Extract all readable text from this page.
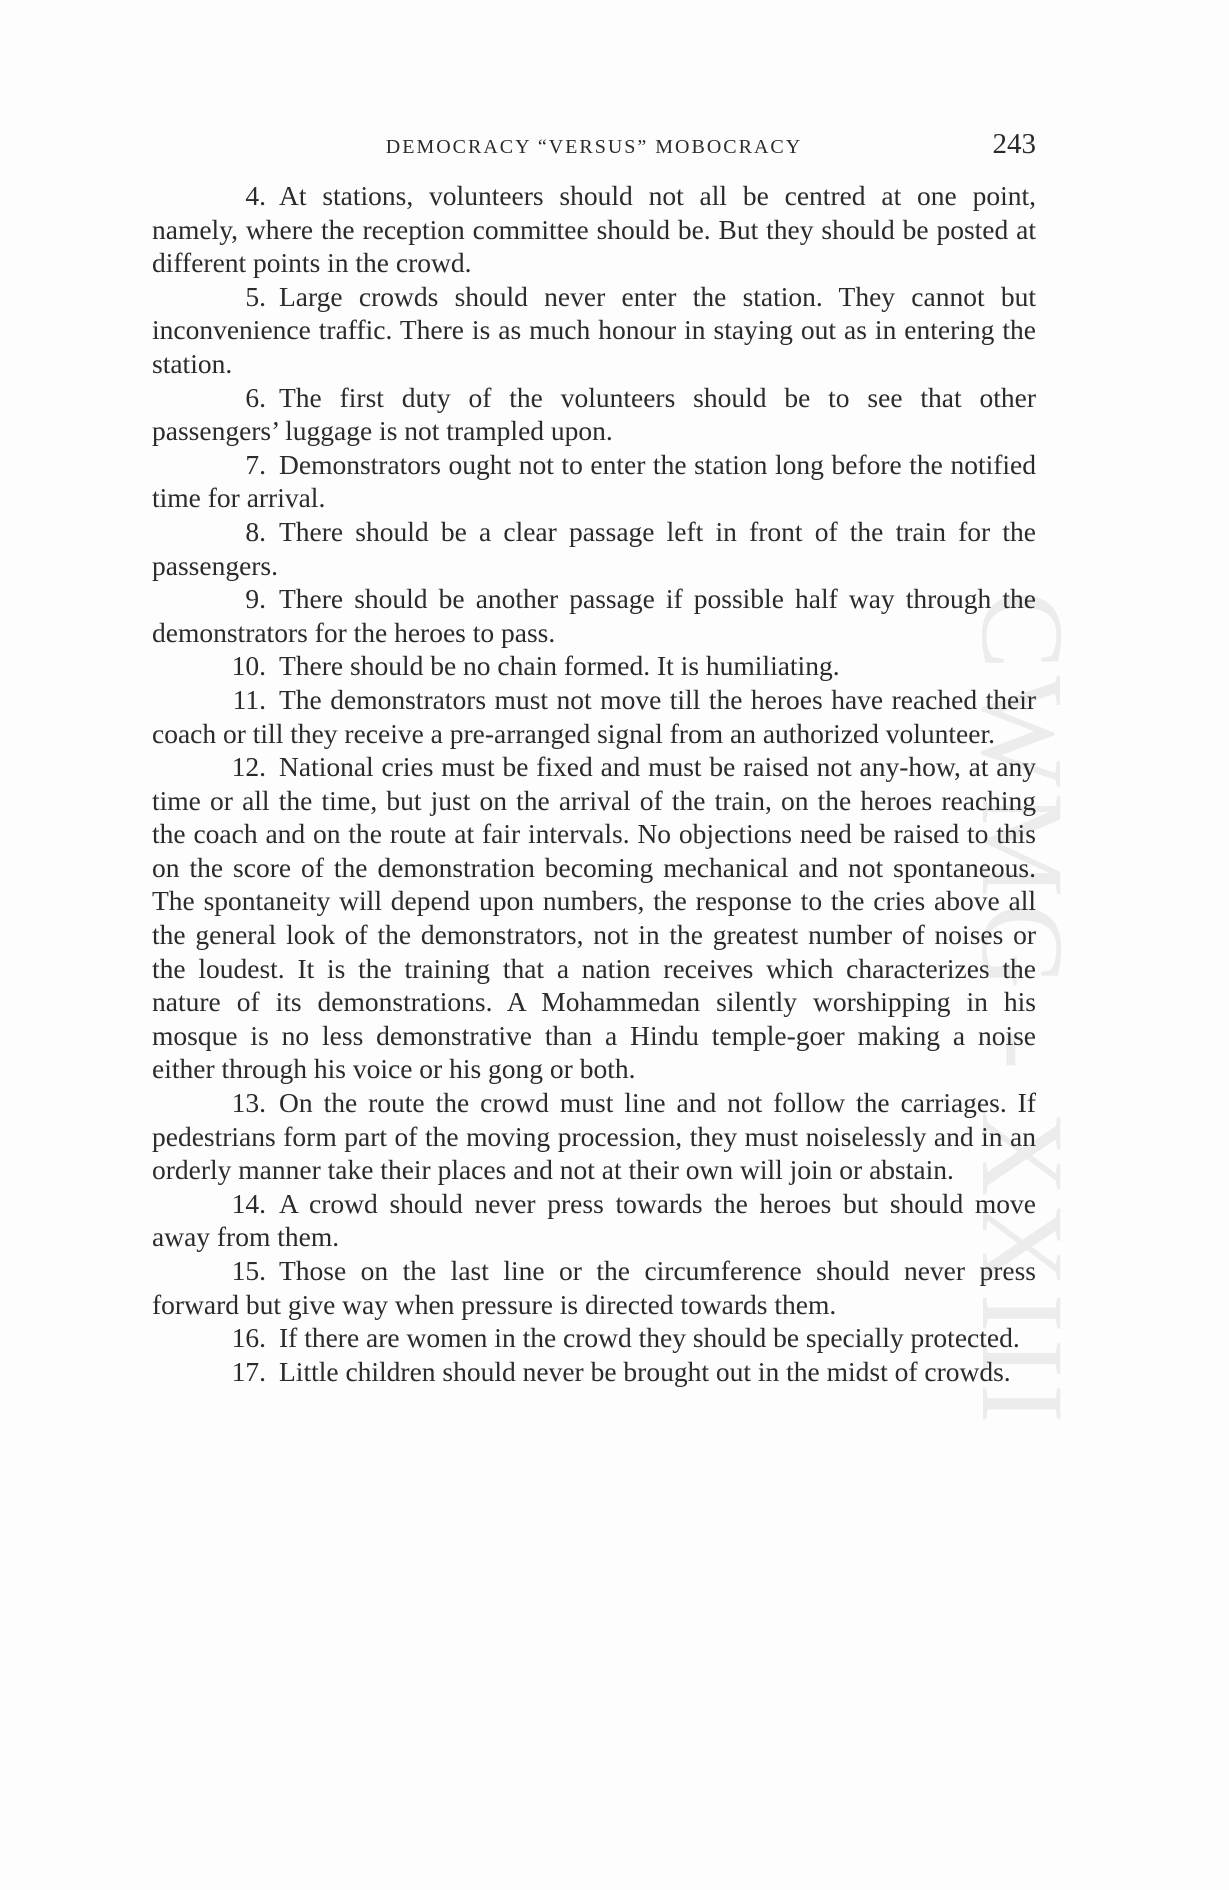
CWMG - XXIII
DEMOCRACY “VERSUS” MOBOCRACY	243

4. At stations, volunteers should not all be centred at one point, namely, where the reception committee should be. But they should be posted at different points in the crowd.

5. Large crowds should never enter the station. They cannot but inconvenience traffic. There is as much honour in staying out as in entering the station.

6. The first duty of the volunteers should be to see that other passengers’ luggage is not trampled upon.

7. Demonstrators ought not to enter the station long before the notified time for arrival.

8. There should be a clear passage left in front of the train for the passengers.

9. There should be another passage if possible half way through the demonstrators for the heroes to pass.

10. There should be no chain formed. It is humiliating.

11. The demonstrators must not move till the heroes have reached their coach or till they receive a pre-arranged signal from an authorized volunteer.

12. National cries must be fixed and must be raised not any-how, at any time or all the time, but just on the arrival of the train, on the heroes reaching the coach and on the route at fair intervals. No objections need be raised to this on the score of the demonstration becoming mechanical and not spontaneous. The spontaneity will depend upon numbers, the response to the cries above all the general look of the demonstrators, not in the greatest number of noises or the loudest. It is the training that a nation receives which characterizes the nature of its demonstrations. A Mohammedan silently worshipping in his mosque is no less demonstrative than a Hindu temple-goer making a noise either through his voice or his gong or both.

13. On the route the crowd must line and not follow the carriages. If pedestrians form part of the moving procession, they must noiselessly and in an orderly manner take their places and not at their own will join or abstain.

14. A crowd should never press towards the heroes but should move away from them.

15. Those on the last line or the circumference should never press forward but give way when pressure is directed towards them.

16. If there are women in the crowd they should be specially protected.

17. Little children should never be brought out in the midst of crowds.
